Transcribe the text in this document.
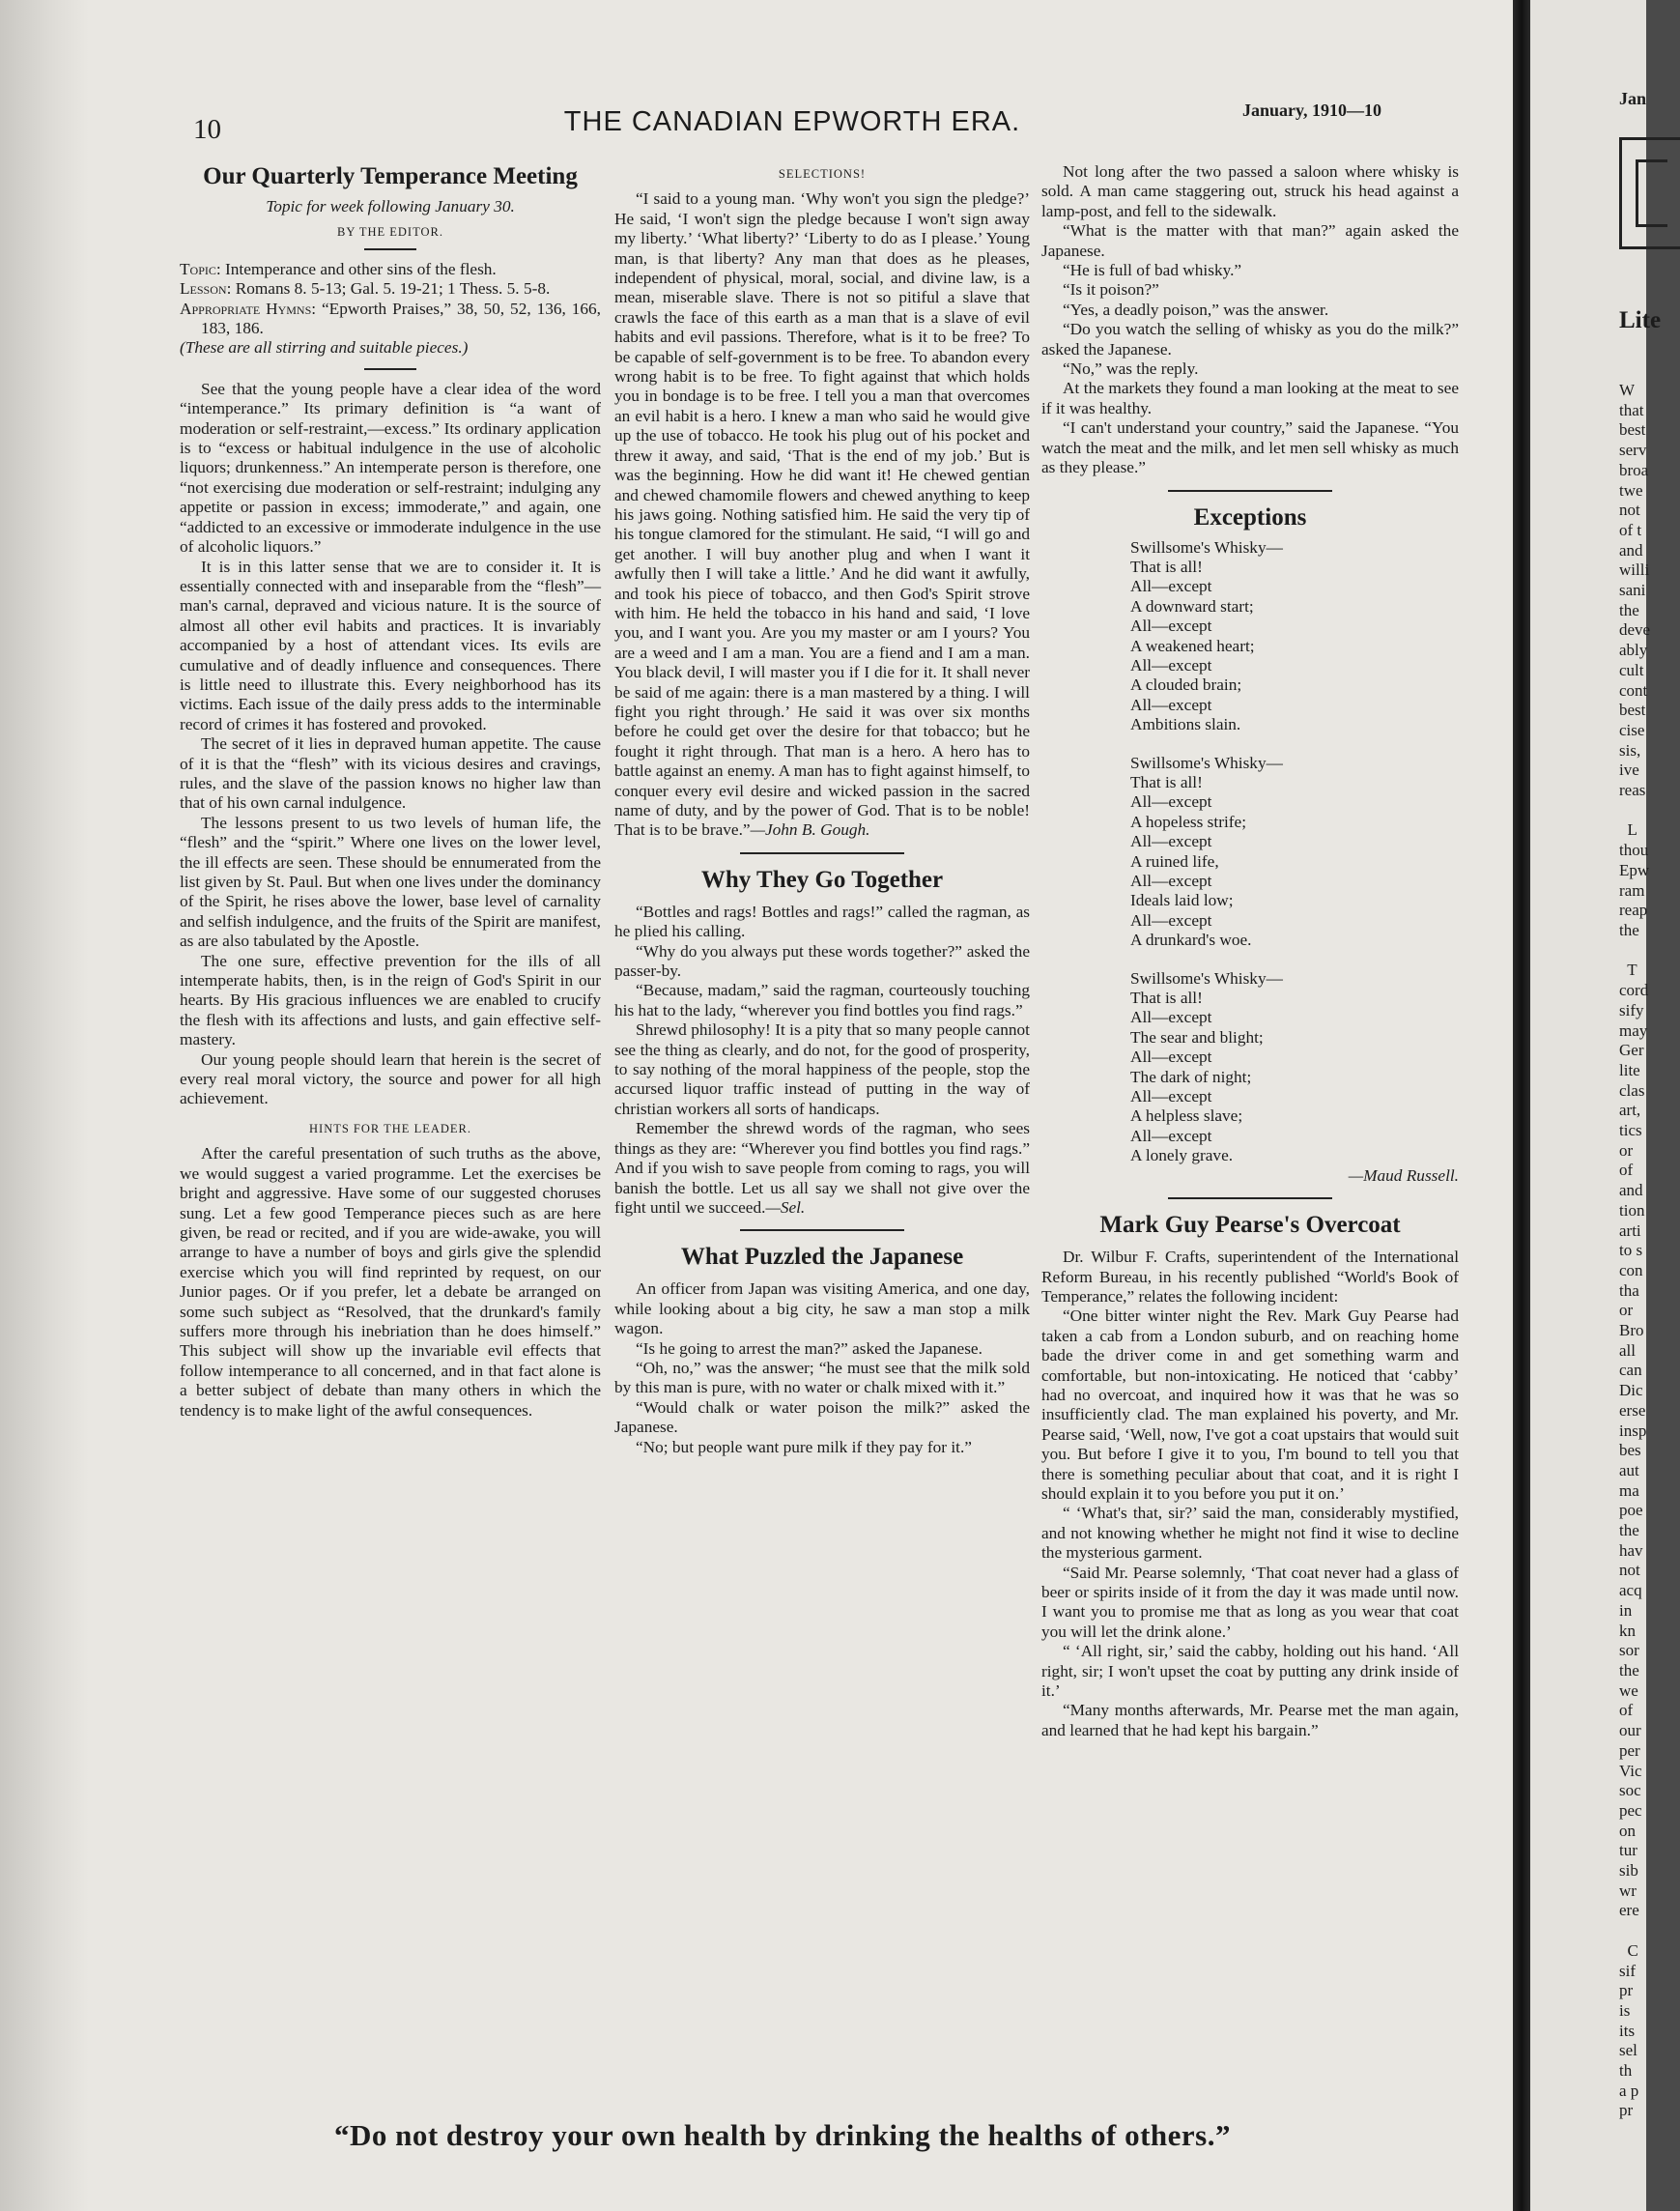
10	THE CANADIAN EPWORTH ERA.	January, 1910—10
Our Quarterly Temperance Meeting
Topic for week following January 30.
BY THE EDITOR.

Topic: Intemperance and other sins of the flesh.

Lesson: Romans 8. 5-13; Gal. 5. 19-21; 1 Thess. 5. 5-8.

Appropriate Hymns: “Epworth Praises,” 38, 50, 52, 136, 166, 183, 186.

(These are all stirring and suitable pieces.)

See that the young people have a clear idea of the word “intemperance.” Its primary definition is “a want of moderation or self-restraint,—excess.” Its ordinary application is to “excess or habitual indulgence in the use of alcoholic liquors; drunkenness.” An intemperate person is therefore, one “not exercising due moderation or self-restraint; indulging any appetite or passion in excess; immoderate,” and again, one “addicted to an excessive or immoderate indulgence in the use of alcoholic liquors.”

It is in this latter sense that we are to consider it. It is essentially connected with and inseparable from the “flesh”—man's carnal, depraved and vicious nature. It is the source of almost all other evil habits and practices. It is invariably accompanied by a host of attendant vices. Its evils are cumulative and of deadly influence and consequences. There is little need to illustrate this. Every neighborhood has its victims. Each issue of the daily press adds to the interminable record of crimes it has fostered and provoked.

The secret of it lies in depraved human appetite. The cause of it is that the “flesh” with its vicious desires and cravings, rules, and the slave of the passion knows no higher law than that of his own carnal indulgence.

The lessons present to us two levels of human life, the “flesh” and the “spirit.” Where one lives on the lower level, the ill effects are seen. These should be ennumerated from the list given by St. Paul. But when one lives under the dominancy of the Spirit, he rises above the lower, base level of carnality and selfish indulgence, and the fruits of the Spirit are manifest, as are also tabulated by the Apostle.

The one sure, effective prevention for the ills of all intemperate habits, then, is in the reign of God's Spirit in our hearts. By His gracious influences we are enabled to crucify the flesh with its affections and lusts, and gain effective self-mastery.

Our young people should learn that herein is the secret of every real moral victory, the source and power for all high achievement.

HINTS FOR THE LEADER.

After the careful presentation of such truths as the above, we would suggest a varied programme. Let the exercises be bright and aggressive. Have some of our suggested choruses sung. Let a few good Temperance pieces such as are here given, be read or recited, and if you are wide-awake, you will arrange to have a number of boys and girls give the splendid exercise which you will find reprinted by request, on our Junior pages. Or if you prefer, let a debate be arranged on some such subject as “Resolved, that the drunkard's family suffers more through his inebriation than he does himself.” This subject will show up the invariable evil effects that follow intemperance to all concerned, and in that fact alone is a better subject of debate than many others in which the tendency is to make light of the awful consequences.

SELECTIONS!

“I said to a young man. ‘Why won't you sign the pledge?’ He said, ‘I won't sign the pledge because I won't sign away my liberty.’ ‘What liberty?’ ‘Liberty to do as I please.’ Young man, is that liberty? Any man that does as he pleases, independent of physical, moral, social, and divine law, is a mean, miserable slave. There is not so pitiful a slave that crawls the face of this earth as a man that is a slave of evil habits and evil passions. Therefore, what is it to be free? To be capable of self-government is to be free. To abandon every wrong habit is to be free. To fight against that which holds you in bondage is to be free. I tell you a man that overcomes an evil habit is a hero. I knew a man who said he would give up the use of tobacco. He took his plug out of his pocket and threw it away, and said, ‘That is the end of my job.’ But is was the beginning. How he did want it! He chewed gentian and chewed chamomile flowers and chewed anything to keep his jaws going. Nothing satisfied him. He said the very tip of his tongue clamored for the stimulant. He said, “I will go and get another. I will buy another plug and when I want it awfully then I will take a little.’ And he did want it awfully, and took his piece of tobacco, and then God's Spirit strove with him. He held the tobacco in his hand and said, ‘I love you, and I want you. Are you my master or am I yours? You are a weed and I am a man. You are a fiend and I am a man. You black devil, I will master you if I die for it. It shall never be said of me again: there is a man mastered by a thing. I will fight you right through.’ He said it was over six months before he could get over the desire for that tobacco; but he fought it right through. That man is a hero. A hero has to battle against an enemy. A man has to fight against himself, to conquer every evil desire and wicked passion in the sacred name of duty, and by the power of God. That is to be noble! That is to be brave.”—John B. Gough.

Why They Go Together

“Bottles and rags! Bottles and rags!” called the ragman, as he plied his calling.

“Why do you always put these words together?” asked the passer-by.

“Because, madam,” said the ragman, courteously touching his hat to the lady, “wherever you find bottles you find rags.”

Shrewd philosophy! It is a pity that so many people cannot see the thing as clearly, and do not, for the good of prosperity, to say nothing of the moral happiness of the people, stop the accursed liquor traffic instead of putting in the way of christian workers all sorts of handicaps.

Remember the shrewd words of the ragman, who sees things as they are: “Wherever you find bottles you find rags.” And if you wish to save people from coming to rags, you will banish the bottle. Let us all say we shall not give over the fight until we succeed.—Sel.

What Puzzled the Japanese

An officer from Japan was visiting America, and one day, while looking about a big city, he saw a man stop a milk wagon.

“Is he going to arrest the man?” asked the Japanese.

“Oh, no,” was the answer; “he must see that the milk sold by this man is pure, with no water or chalk mixed with it.”

“Would chalk or water poison the milk?” asked the Japanese.

“No; but people want pure milk if they pay for it.”

Not long after the two passed a saloon where whisky is sold. A man came staggering out, struck his head against a lamp-post, and fell to the sidewalk.

“What is the matter with that man?” again asked the Japanese.

“He is full of bad whisky.”

“Is it poison?”

“Yes, a deadly poison,” was the answer.

“Do you watch the selling of whisky as you do the milk?” asked the Japanese.

“No,” was the reply.

At the markets they found a man looking at the meat to see if it was healthy.

“I can't understand your country,” said the Japanese. “You watch the meat and the milk, and let men sell whisky as much as they please.”

Exceptions
Swillsome's Whisky—
That is all!
All—except
A downward start;
All—except
A weakened heart;
All—except
A clouded brain;
All—except
Ambitions slain.
Swillsome's Whisky—
That is all!
All—except
A hopeless strife;
All—except
A ruined life,
All—except
Ideals laid low;
All—except
A drunkard's woe.
Swillsome's Whisky—
That is all!
All—except
The sear and blight;
All—except
The dark of night;
All—except
A helpless slave;
All—except
A lonely grave.
—Maud Russell.
Mark Guy Pearse's Overcoat

Dr. Wilbur F. Crafts, superintendent of the International Reform Bureau, in his recently published “World's Book of Temperance,” relates the following incident:

“One bitter winter night the Rev. Mark Guy Pearse had taken a cab from a London suburb, and on reaching home bade the driver come in and get something warm and comfortable, but non-intoxicating. He noticed that ‘cabby’ had no overcoat, and inquired how it was that he was so insufficiently clad. The man explained his poverty, and Mr. Pearse said, ‘Well, now, I've got a coat upstairs that would suit you. But before I give it to you, I'm bound to tell you that there is something peculiar about that coat, and it is right I should explain it to you before you put it on.’

“ ‘What's that, sir?’ said the man, considerably mystified, and not knowing whether he might not find it wise to decline the mysterious garment.

“Said Mr. Pearse solemnly, ‘That coat never had a glass of beer or spirits inside of it from the day it was made until now. I want you to promise me that as long as you wear that coat you will let the drink alone.’

“ ‘All right, sir,’ said the cabby, holding out his hand. ‘All right, sir; I won't upset the coat by putting any drink inside of it.’

“Many months afterwards, Mr. Pearse met the man again, and learned that he had kept his bargain.”

“Do not destroy your own health by drinking the healths of others.”
Jan
Lite
W
that
best
serv
broa
twe
not
of t
and
willi
sani
the
deve
ably
cult
cont
best
cise
sis,
ive
reas

L
thou
Epw
ram
reap
the

T
cord
sify
may
Ger
lite
clas
art,
tics
or
of
and
tion
arti
to s
con
tha
or
Bro
all
can
Dic
erse
insp
bes
aut
ma
poe
the
hav
not
acq
in
kn
sor
the
we
of
our
per
Vic
soc
pec
on
tur
sib
wr
ere

C
sif
pr
is
its
sel
th
a p
pr
